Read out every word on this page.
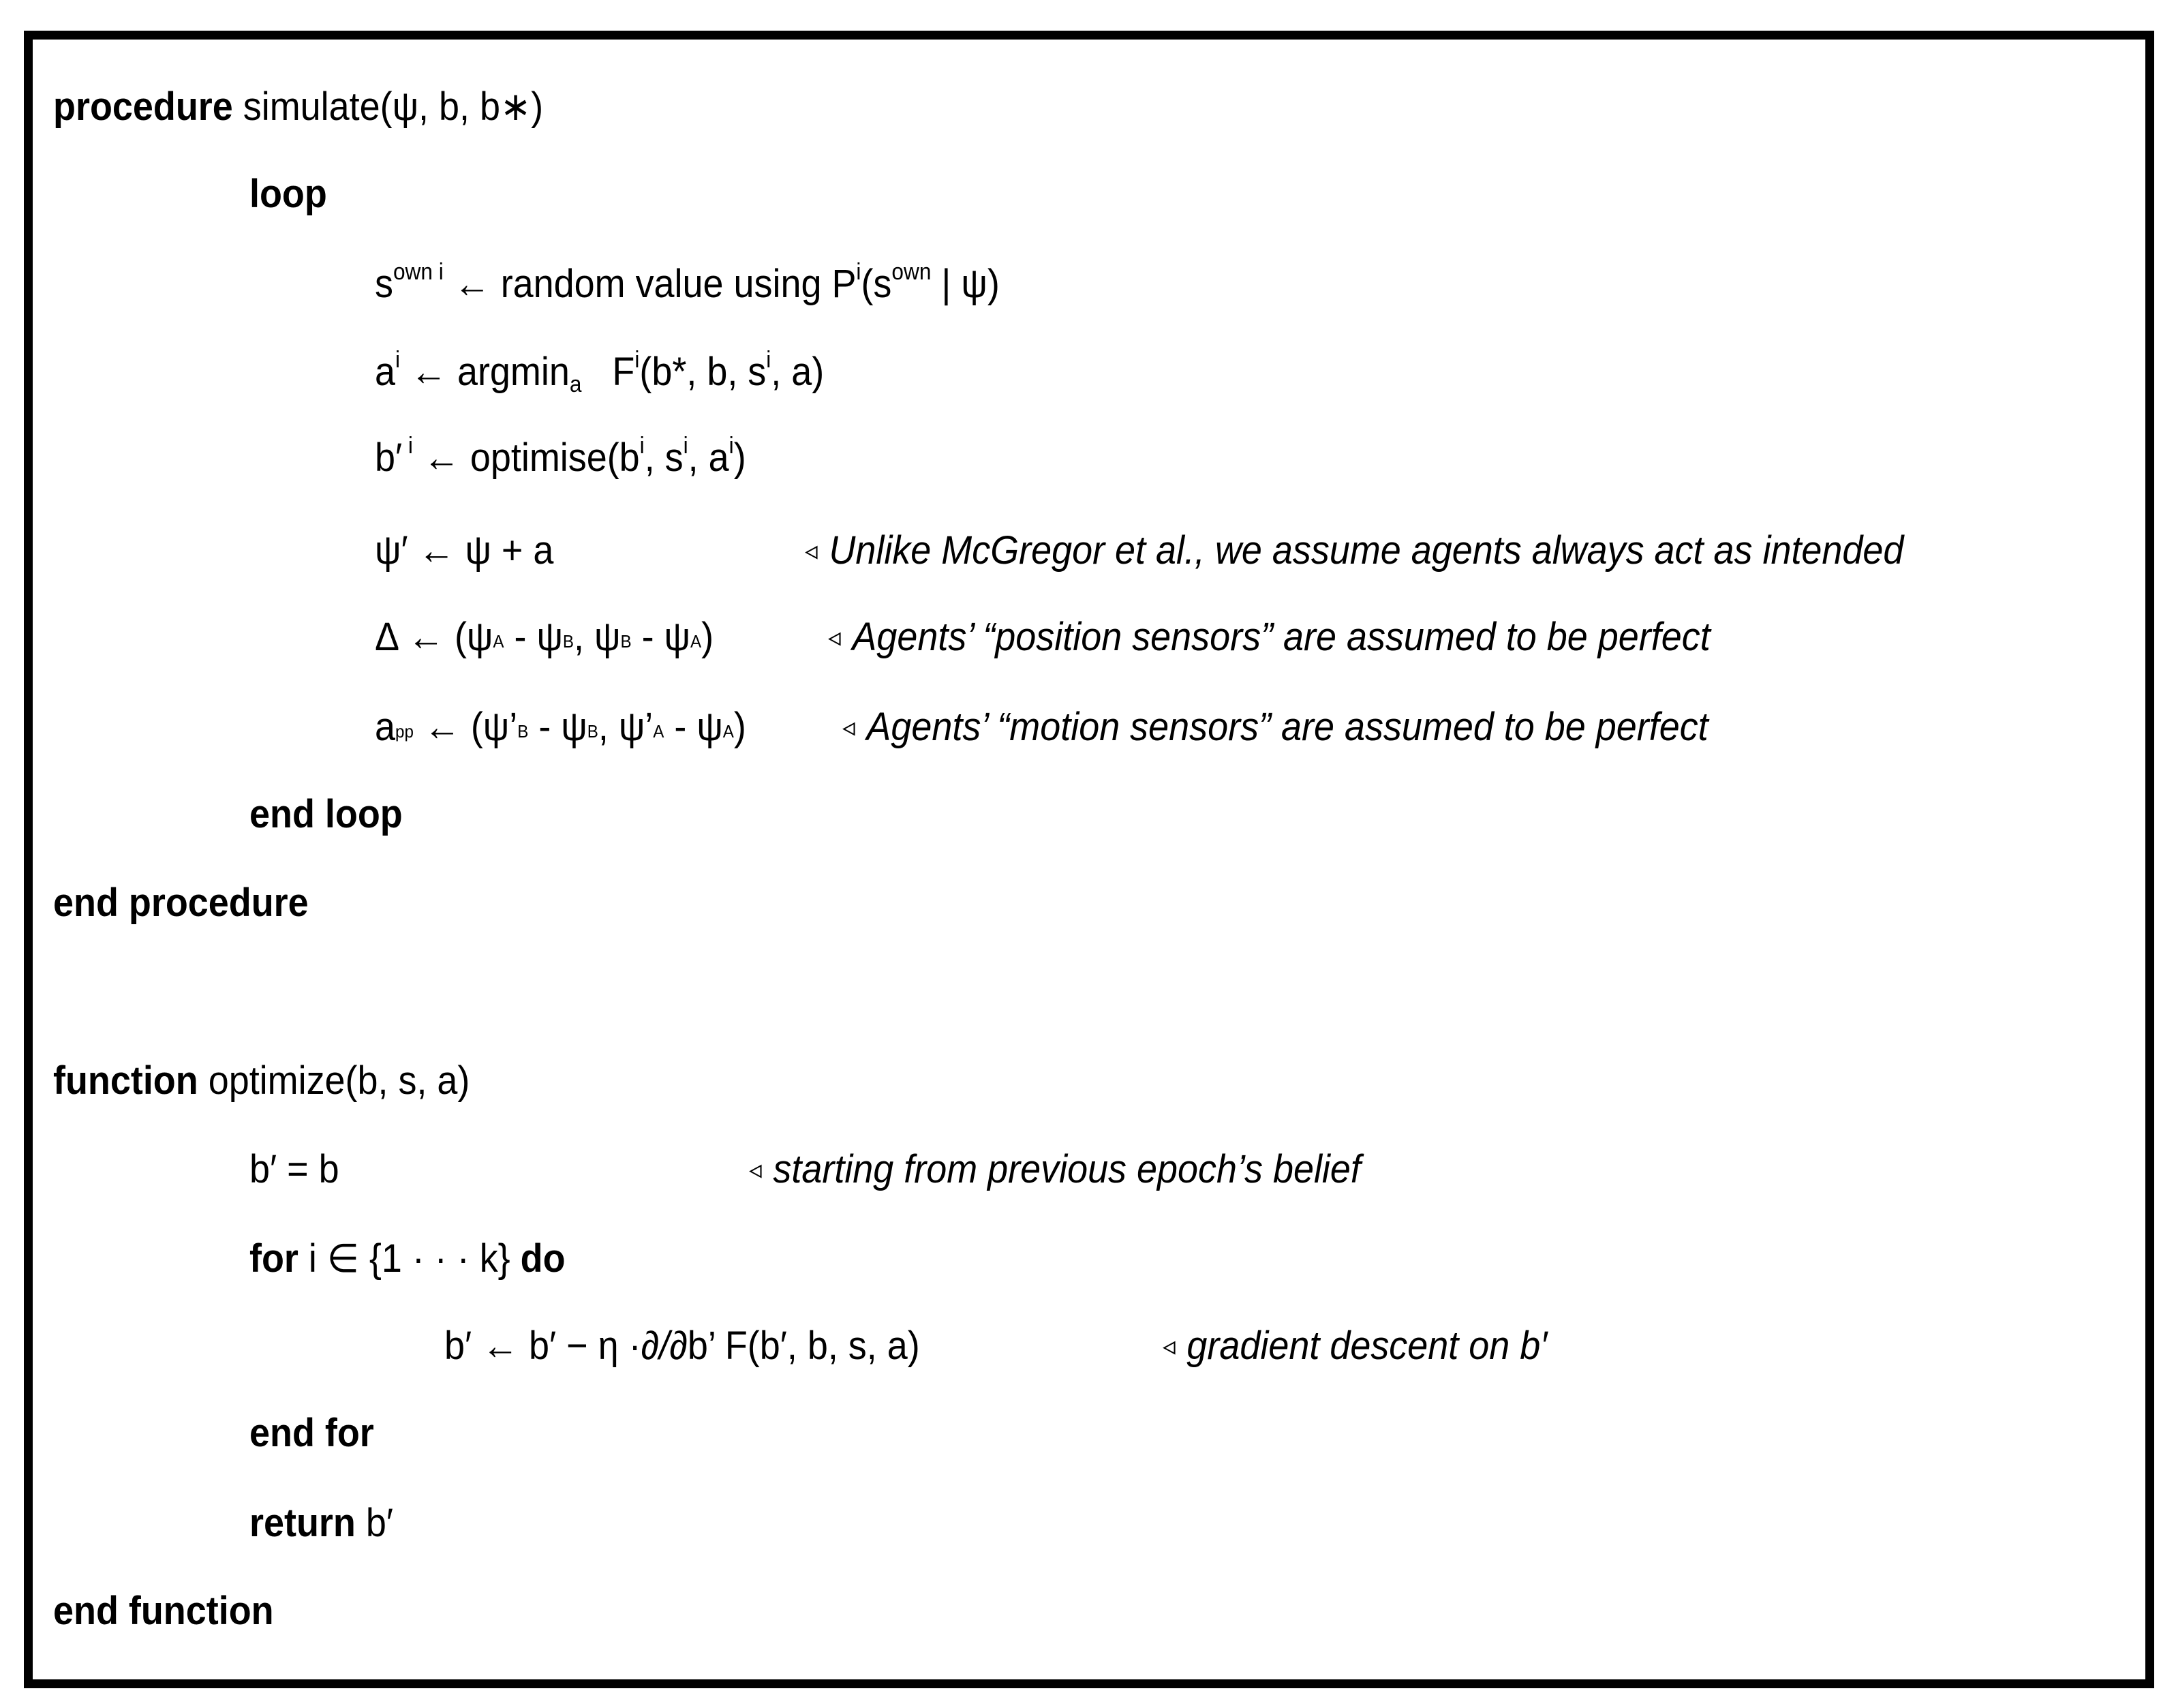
procedure simulate(ψ, b, b∗)
loop
$s^{own i}$ ← random value using $P^i(s^{own}$ | ψ)
$a^i$ ← argmin$_a$   $F^i(b*$, b, $s^i$, a)
b′ $^i$ ← $optimise(b^i$, $s^i$, $a^i$)
ψ′ ← ψ + a	◃ Unlike McGregor et al., we assume agents always act as intended
Δ ← (ψA - ψB, ψB - ψA)	◃ Agents’ “position sensors” are assumed to be perfect
app ← (ψ’B - ψB, ψ’A - ψA)	◃ Agents’ “motion sensors” are assumed to be perfect
end loop
end procedure
function optimize(b, s, a)
b′ = b	◃ starting from previous epoch’s belief
for i ∈ {1 · · · k} do
b′ ← b′ − η ·∂/∂b’ F(b′, b, s, a)	◃ gradient descent on b′
end for
return b′
end function
